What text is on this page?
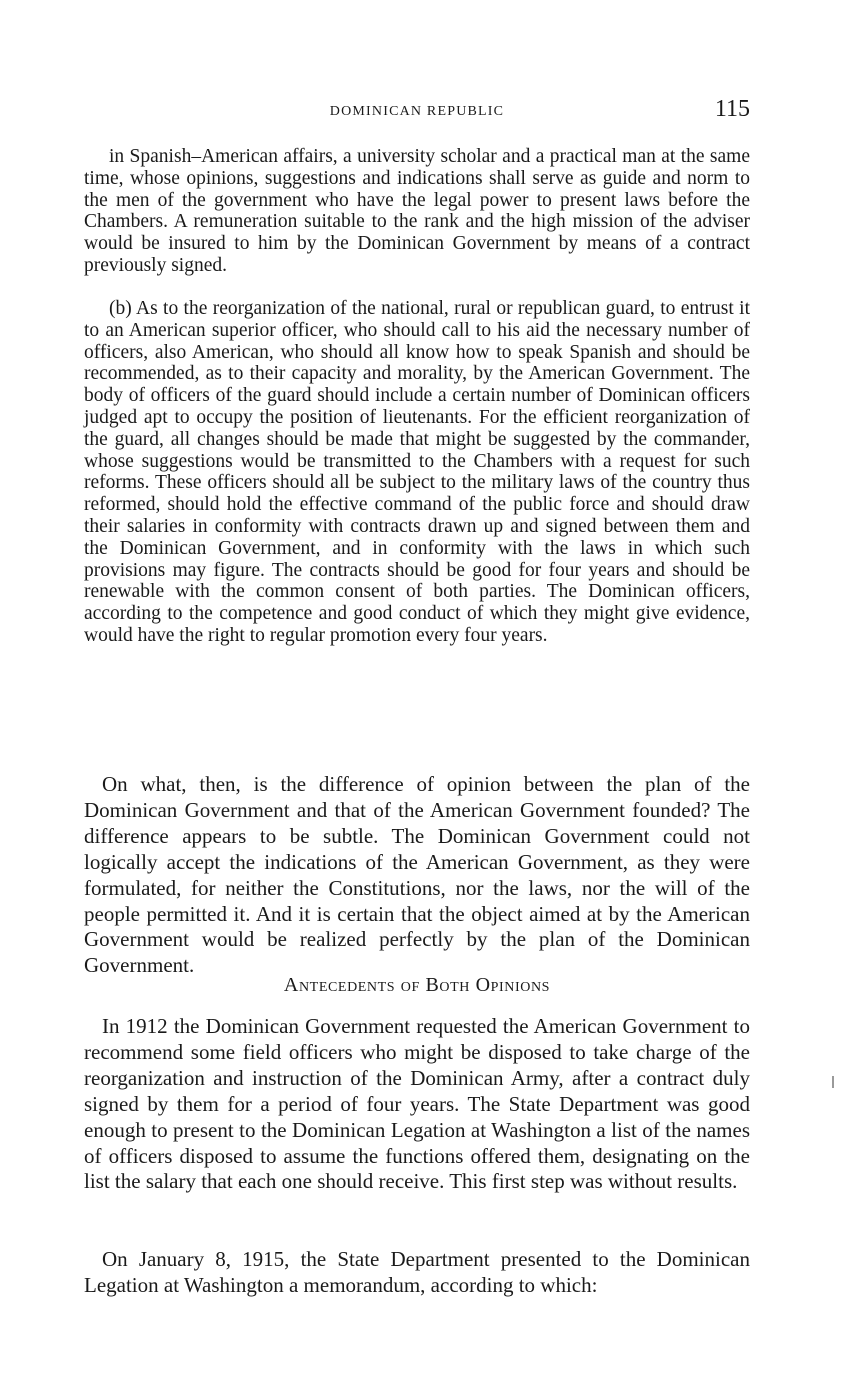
DOMINICAN REPUBLIC	115

in Spanish–American affairs, a university scholar and a practical man at the same time, whose opinions, suggestions and indications shall serve as guide and norm to the men of the government who have the legal power to present laws before the Chambers. A remuneration suitable to the rank and the high mission of the adviser would be insured to him by the Dominican Government by means of a contract previously signed.

(b) As to the reorganization of the national, rural or republican guard, to entrust it to an American superior officer, who should call to his aid the necessary number of officers, also American, who should all know how to speak Spanish and should be recommended, as to their capacity and morality, by the American Government. The body of officers of the guard should include a certain number of Dominican officers judged apt to occupy the position of lieutenants. For the efficient reorganization of the guard, all changes should be made that might be suggested by the commander, whose suggestions would be transmitted to the Chambers with a request for such reforms. These officers should all be subject to the military laws of the country thus reformed, should hold the effective command of the public force and should draw their salaries in conformity with contracts drawn up and signed between them and the Dominican Government, and in conformity with the laws in which such provisions may figure. The contracts should be good for four years and should be renewable with the common consent of both parties. The Dominican officers, according to the competence and good conduct of which they might give evidence, would have the right to regular promotion every four years.

On what, then, is the difference of opinion between the plan of the Dominican Government and that of the American Government founded? The difference appears to be subtle. The Dominican Government could not logically accept the indications of the American Government, as they were formulated, for neither the Constitutions, nor the laws, nor the will of the people permitted it. And it is certain that the object aimed at by the American Government would be realized perfectly by the plan of the Dominican Government.

Antecedents of Both Opinions

In 1912 the Dominican Government requested the American Government to recommend some field officers who might be disposed to take charge of the reorganization and instruction of the Dominican Army, after a contract duly signed by them for a period of four years. The State Department was good enough to present to the Dominican Legation at Washington a list of the names of officers disposed to assume the functions offered them, designating on the list the salary that each one should receive. This first step was without results.

On January 8, 1915, the State Department presented to the Dominican Legation at Washington a memorandum, according to which:
